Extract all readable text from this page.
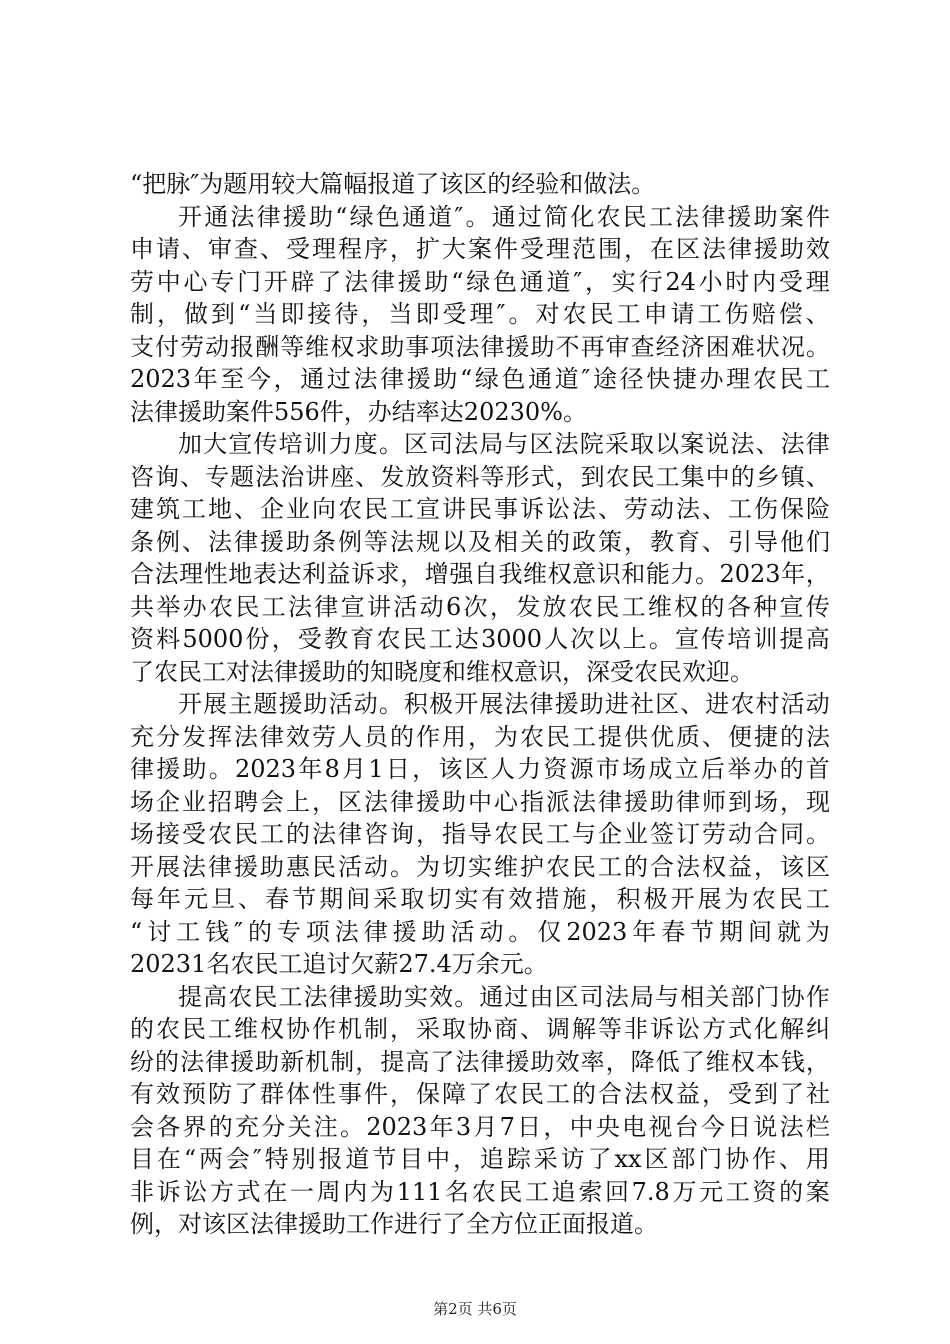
“把脉″为题用较大篇幅报道了该区的经验和做法。
开 通 法 律 援 助 “ 绿 色 通 道 ″ 。 通 过 简 化 农 民 工 法 律 援 助 案 件
申 请 、 审 查 、 受 理 程 序 ， 扩 大 案 件 受 理 范 围 ， 在 区 法 律 援 助 效
劳 中 心 专 门 开 辟 了 法 律 援 助 “ 绿 色 通 道 ″ ， 实 行 24 小 时 内 受 理
制 ， 做 到 “ 当 即 接 待 ， 当 即 受 理 ″ 。 对 农 民 工 申 请 工 伤 赔 偿 、
支 付 劳 动 报 酬 等 维 权 求 助 事 项 法 律 援 助 不 再 审 查 经 济 困 难 状 况 。
2023 年 至 今 ， 通 过 法 律 援 助 “ 绿 色 通 道 ″ 途 径 快 捷 办 理 农 民 工
法律援助案件556件，办结率达20230%。
加 大 宣 传 培 训 力 度 。 区 司 法 局 与 区 法 院 采 取 以 案 说 法 、 法 律
咨 询 、 专 题 法 治 讲 座 、 发 放 资 料 等 形 式 ， 到 农 民 工 集 中 的 乡 镇 、
建 筑 工 地 、 企 业 向 农 民 工 宣 讲 民 事 诉 讼 法 、 劳 动 法 、 工 伤 保 险
条 例 、 法 律 援 助 条 例 等 法 规 以 及 相 关 的 政 策 ， 教 育 、 引 导 他 们
合 法 理 性 地 表 达 利 益 诉 求 ， 增 强 自 我 维 权 意 识 和 能 力 。 2023 年 ，
共 举 办 农 民 工 法 律 宣 讲 活 动 6 次 ， 发 放 农 民 工 维 权 的 各 种 宣 传
资 料 5000 份 ， 受 教 育 农 民 工 达 3000 人 次 以 上 。 宣 传 培 训 提 高
了农民工对法律援助的知晓度和维权意识，深受农民欢迎。
开 展 主 题 援 助 活 动 。 积 极 开 展 法 律 援 助 进 社 区 、 进 农 村 活 动
充 分 发 挥 法 律 效 劳 人 员 的 作 用 ， 为 农 民 工 提 供 优 质 、 便 捷 的 法
律 援 助 。 2023 年 8 月 1 日 ， 该 区 人 力 资 源 市 场 成 立 后 举 办 的 首
场 企 业 招 聘 会 上 ， 区 法 律 援 助 中 心 指 派 法 律 援 助 律 师 到 场 ， 现
场 接 受 农 民 工 的 法 律 咨 询 ， 指 导 农 民 工 与 企 业 签 订 劳 动 合 同 。
开 展 法 律 援 助 惠 民 活 动 。 为 切 实 维 护 农 民 工 的 合 法 权 益 ， 该 区
每 年 元 旦 、 春 节 期 间 采 取 切 实 有 效 措 施 ， 积 极 开 展 为 农 民 工
“ 讨 工 钱 ″ 的 专 项 法 律 援 助 活 动 。 仅 2023 年 春 节 期 间 就 为
20231名农民工追讨欠薪27.4万余元。
提 高 农 民 工 法 律 援 助 实 效 。 通 过 由 区 司 法 局 与 相 关 部 门 协 作
的 农 民 工 维 权 协 作 机 制 ， 采 取 协 商 、 调 解 等 非 诉 讼 方 式 化 解 纠
纷 的 法 律 援 助 新 机 制 ， 提 高 了 法 律 援 助 效 率 ， 降 低 了 维 权 本 钱 ，
有 效 预 防 了 群 体 性 事 件 ， 保 障 了 农 民 工 的 合 法 权 益 ， 受 到 了 社
会 各 界 的 充 分 关 注 。 2023 年 3 月 7 日 ， 中 央 电 视 台 今 日 说 法 栏
目 在 “ 两 会 ″ 特 别 报 道 节 目 中 ， 追 踪 采 访 了 xx 区 部 门 协 作 、 用
非 诉 讼 方 式 在 一 周 内 为 111 名 农 民 工 追 索 回 7.8 万 元 工 资 的 案
例，对该区法律援助工作进行了全方位正面报道。
第2页 共6页
